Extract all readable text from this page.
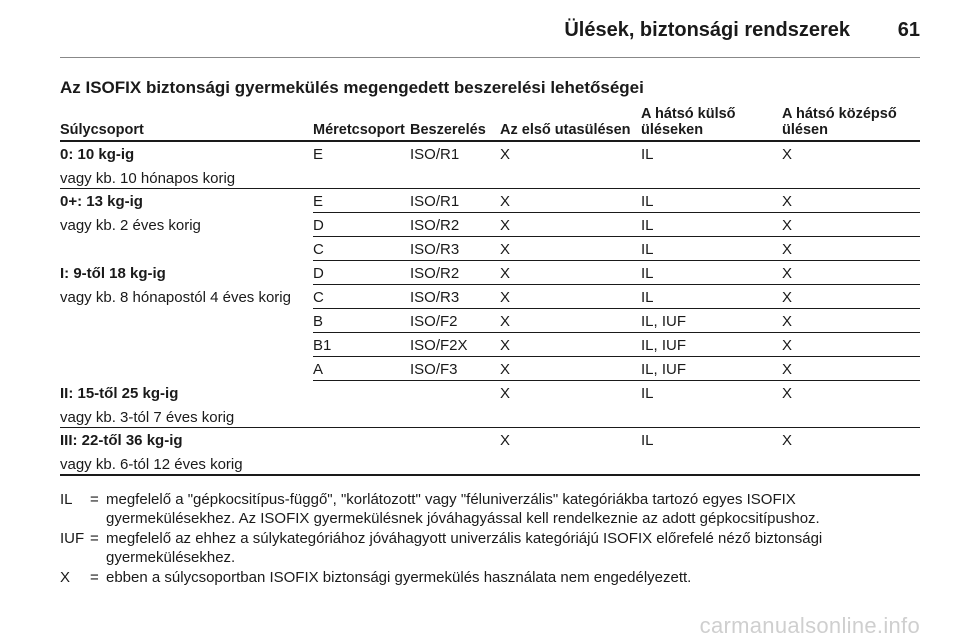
Ülések, biztonsági rendszerek	61
Az ISOFIX biztonsági gyermekülés megengedett beszerelési lehetőségei
Súlycsoport	Méretcsoport	Beszerelés	Az első utasülésen	A hátsó külső üléseken	A hátsó középső ülésen
0: 10 kg-ig
vagy kb. 10 hónapos korig	E	ISO/R1	X	IL	X
0+: 13 kg-ig
vagy kb. 2 éves korig	E	ISO/R1	X	IL	X
	D	ISO/R2	X	IL	X
	C	ISO/R3	X	IL	X
I: 9-től 18 kg-ig
vagy kb. 8 hónapostól 4 éves korig	D	ISO/R2	X	IL	X
	C	ISO/R3	X	IL	X
	B	ISO/F2	X	IL, IUF	X
	B1	ISO/F2X	X	IL, IUF	X
	A	ISO/F3	X	IL, IUF	X
II: 15-től 25 kg-ig
vagy kb. 3-tól 7 éves korig			X	IL	X
III: 22-től 36 kg-ig
vagy kb. 6-tól 12 éves korig			X	IL	X
IL	= megfelelő a "gépkocsitípus-függő", "korlátozott" vagy "féluniverzális" kategóriákba tartozó egyes ISOFIX gyermekülésekhez. Az ISOFIX gyermekülésnek jóváhagyással kell rendelkeznie az adott gépkocsitípushoz.
IUF = megfelelő az ehhez a súlykategóriához jóváhagyott univerzális kategóriájú ISOFIX előrefelé néző biztonsági gyermekülésekhez.
X	= ebben a súlycsoportban ISOFIX biztonsági gyermekülés használata nem engedélyezett.
carmanualsonline.info
